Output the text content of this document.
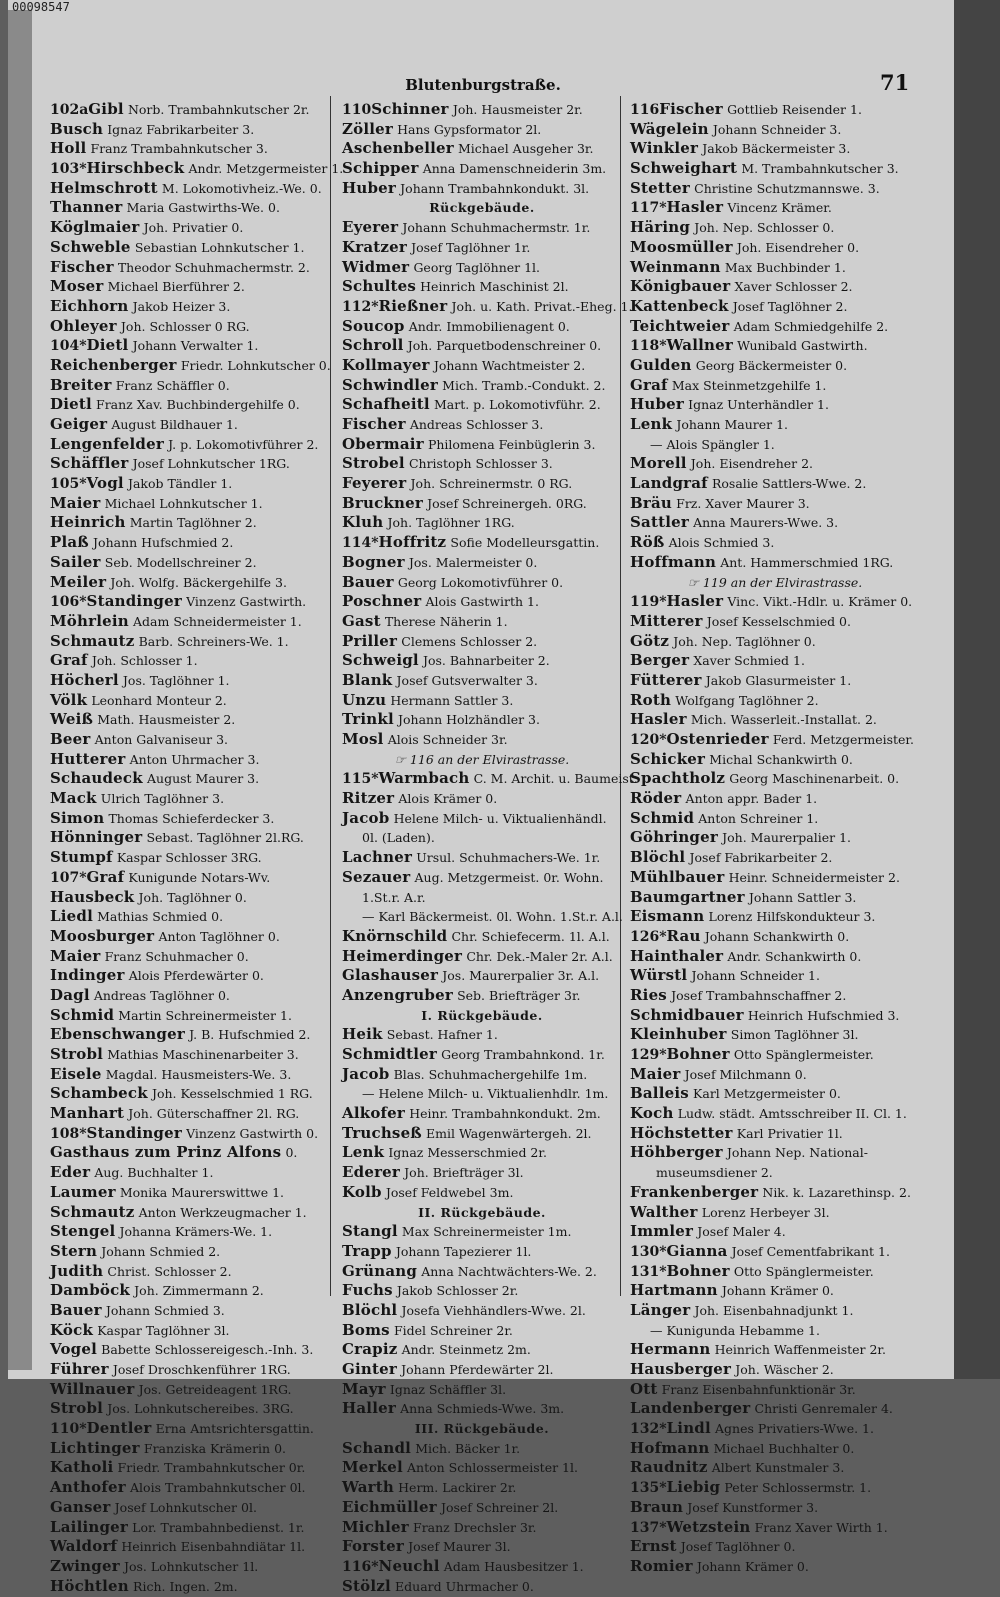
00098547
Blutenburgstraße.	71
102aGibl Norb. Trambahnkutscher 2r.
Busch Ignaz Fabrikarbeiter 3.
Holl Franz Trambahnkutscher 3.
103*Hirschbeck Andr. Metzgermeister 1.
Helmschrott M. Lokomotivheiz.-We. 0.
Thanner Maria Gastwirths-We. 0.
Köglmaier Joh. Privatier 0.
Schweble Sebastian Lohnkutscher 1.
Fischer Theodor Schuhmachermstr. 2.
Moser Michael Bierführer 2.
Eichhorn Jakob Heizer 3.
Ohleyer Joh. Schlosser 0 RG.
104*Dietl Johann Verwalter 1.
Reichenberger Friedr. Lohnkutscher 0.
Breiter Franz Schäffler 0.
Dietl Franz Xav. Buchbindergehilfe 0.
Geiger August Bildhauer 1.
Lengenfelder J. p. Lokomotivführer 2.
Schäffler Josef Lohnkutscher 1RG.
105*Vogl Jakob Tändler 1.
Maier Michael Lohnkutscher 1.
Heinrich Martin Taglöhner 2.
Plaß Johann Hufschmied 2.
Sailer Seb. Modellschreiner 2.
Meiler Joh. Wolfg. Bäckergehilfe 3.
106*Standinger Vinzenz Gastwirth.
Möhrlein Adam Schneidermeister 1.
Schmautz Barb. Schreiners-We. 1.
Graf Joh. Schlosser 1.
Höcherl Jos. Taglöhner 1.
Völk Leonhard Monteur 2.
Weiß Math. Hausmeister 2.
Beer Anton Galvaniseur 3.
Hutterer Anton Uhrmacher 3.
Schaudeck August Maurer 3.
Mack Ulrich Taglöhner 3.
Simon Thomas Schieferdecker 3.
Hönninger Sebast. Taglöhner 2l.RG.
Stumpf Kaspar Schlosser 3RG.
107*Graf Kunigunde Notars-Wv.
Hausbeck Joh. Taglöhner 0.
Liedl Mathias Schmied 0.
Moosburger Anton Taglöhner 0.
Maier Franz Schuhmacher 0.
Indinger Alois Pferdewärter 0.
Dagl Andreas Taglöhner 0.
Schmid Martin Schreinermeister 1.
Ebenschwanger J. B. Hufschmied 2.
Strobl Mathias Maschinenarbeiter 3.
Eisele Magdal. Hausmeisters-We. 3.
Schambeck Joh. Kesselschmied 1 RG.
Manhart Joh. Güterschaffner 2l. RG.
108*Standinger Vinzenz Gastwirth 0.
Gasthaus zum Prinz Alfons 0.
Eder Aug. Buchhalter 1.
Laumer Monika Maurerswittwe 1.
Schmautz Anton Werkzeugmacher 1.
Stengel Johanna Krämers-We. 1.
Stern Johann Schmied 2.
Judith Christ. Schlosser 2.
Damböck Joh. Zimmermann 2.
Bauer Johann Schmied 3.
Köck Kaspar Taglöhner 3l.
Vogel Babette Schlossereigesch.-Inh. 3.
Führer Josef Droschkenführer 1RG.
Willnauer Jos. Getreideagent 1RG.
Strobl Jos. Lohnkutschereibes. 3RG.
110*Dentler Erna Amtsrichtersgattin.
Lichtinger Franziska Krämerin 0.
Katholi Friedr. Trambahnkutscher 0r.
Anthofer Alois Trambahnkutscher 0l.
Ganser Josef Lohnkutscher 0l.
Lailinger Lor. Trambahnbedienst. 1r.
Waldorf Heinrich Eisenbahndiätar 1l.
Zwinger Jos. Lohnkutscher 1l.
Höchtlen Rich. Ingen. 2m.
110Schinner Joh. Hausmeister 2r.
Zöller Hans Gypsformator 2l.
Aschenbeller Michael Ausgeher 3r.
Schipper Anna Damenschneiderin 3m.
Huber Johann Trambahnkondukt. 3l.
Rückgebäude.
Eyerer Johann Schuhmachermstr. 1r.
Kratzer Josef Taglöhner 1r.
Widmer Georg Taglöhner 1l.
Schultes Heinrich Maschinist 2l.
112*Rießner Joh. u. Kath. Privat.-Eheg. 1.
Soucop Andr. Immobilienagent 0.
Schroll Joh. Parquetbodenschreiner 0.
Kollmayer Johann Wachtmeister 2.
Schwindler Mich. Tramb.-Condukt. 2.
Schafheitl Mart. p. Lokomotivführ. 2.
Fischer Andreas Schlosser 3.
Obermair Philomena Feinbüglerin 3.
Strobel Christoph Schlosser 3.
Feyerer Joh. Schreinermstr. 0 RG.
Bruckner Josef Schreinergeh. 0RG.
Kluh Joh. Taglöhner 1RG.
114*Hoffritz Sofie Modelleursgattin.
Bogner Jos. Malermeister 0.
Bauer Georg Lokomotivführer 0.
Poschner Alois Gastwirth 1.
Gast Therese Näherin 1.
Priller Clemens Schlosser 2.
Schweigl Jos. Bahnarbeiter 2.
Blank Josef Gutsverwalter 3.
Unzu Hermann Sattler 3.
Trinkl Johann Holzhändler 3.
Mosl Alois Schneider 3r.
☞ 116 an der Elvirastrasse.
115*Warmbach C. M. Archit. u. Baumeist.
Ritzer Alois Krämer 0.
Jacob Helene Milch- u. Viktualienhändl.
0l. (Laden).
Lachner Ursul. Schuhmachers-We. 1r.
Sezauer Aug. Metzgermeist. 0r. Wohn.
1.St.r. A.r.
— Karl Bäckermeist. 0l. Wohn. 1.St.r. A.l.
Knörnschild Chr. Schiefecerm. 1l. A.l.
Heimerdinger Chr. Dek.-Maler 2r. A.l.
Glashauser Jos. Maurerpalier 3r. A.l.
Anzengruber Seb. Briefträger 3r.
I. Rückgebäude.
Heik Sebast. Hafner 1.
Schmidtler Georg Trambahnkond. 1r.
Jacob Blas. Schuhmachergehilfe 1m.
— Helene Milch- u. Viktualienhdlr. 1m.
Alkofer Heinr. Trambahnkondukt. 2m.
Truchseß Emil Wagenwärtergeh. 2l.
Lenk Ignaz Messerschmied 2r.
Ederer Joh. Briefträger 3l.
Kolb Josef Feldwebel 3m.
II. Rückgebäude.
Stangl Max Schreinermeister 1m.
Trapp Johann Tapezierer 1l.
Grünang Anna Nachtwächters-We. 2.
Fuchs Jakob Schlosser 2r.
Blöchl Josefa Viehhändlers-Wwe. 2l.
Boms Fidel Schreiner 2r.
Crapiz Andr. Steinmetz 2m.
Ginter Johann Pferdewärter 2l.
Mayr Ignaz Schäffler 3l.
Haller Anna Schmieds-Wwe. 3m.
III. Rückgebäude.
Schandl Mich. Bäcker 1r.
Merkel Anton Schlossermeister 1l.
Warth Herm. Lackirer 2r.
Eichmüller Josef Schreiner 2l.
Michler Franz Drechsler 3r.
Forster Josef Maurer 3l.
116*Neuchl Adam Hausbesitzer 1.
Stölzl Eduard Uhrmacher 0.
116Fischer Gottlieb Reisender 1.
Wägelein Johann Schneider 3.
Winkler Jakob Bäckermeister 3.
Schweighart M. Trambahnkutscher 3.
Stetter Christine Schutzmannswe. 3.
117*Hasler Vincenz Krämer.
Häring Joh. Nep. Schlosser 0.
Moosmüller Joh. Eisendreher 0.
Weinmann Max Buchbinder 1.
Königbauer Xaver Schlosser 2.
Kattenbeck Josef Taglöhner 2.
Teichtweier Adam Schmiedgehilfe 2.
118*Wallner Wunibald Gastwirth.
Gulden Georg Bäckermeister 0.
Graf Max Steinmetzgehilfe 1.
Huber Ignaz Unterhändler 1.
Lenk Johann Maurer 1.
— Alois Spängler 1.
Morell Joh. Eisendreher 2.
Landgraf Rosalie Sattlers-Wwe. 2.
Bräu Frz. Xaver Maurer 3.
Sattler Anna Maurers-Wwe. 3.
Röß Alois Schmied 3.
Hoffmann Ant. Hammerschmied 1RG.
☞ 119 an der Elvirastrasse.
119*Hasler Vinc. Vikt.-Hdlr. u. Krämer 0.
Mitterer Josef Kesselschmied 0.
Götz Joh. Nep. Taglöhner 0.
Berger Xaver Schmied 1.
Fütterer Jakob Glasurmeister 1.
Roth Wolfgang Taglöhner 2.
Hasler Mich. Wasserleit.-Installat. 2.
120*Ostenrieder Ferd. Metzgermeister.
Schicker Michal Schankwirth 0.
Spachtholz Georg Maschinenarbeit. 0.
Röder Anton appr. Bader 1.
Schmid Anton Schreiner 1.
Göhringer Joh. Maurerpalier 1.
Blöchl Josef Fabrikarbeiter 2.
Mühlbauer Heinr. Schneidermeister 2.
Baumgartner Johann Sattler 3.
Eismann Lorenz Hilfskondukteur 3.
126*Rau Johann Schankwirth 0.
Hainthaler Andr. Schankwirth 0.
Würstl Johann Schneider 1.
Ries Josef Trambahnschaffner 2.
Schmidbauer Heinrich Hufschmied 3.
Kleinhuber Simon Taglöhner 3l.
129*Bohner Otto Spänglermeister.
Maier Josef Milchmann 0.
Balleis Karl Metzgermeister 0.
Koch Ludw. städt. Amtsschreiber II. Cl. 1.
Höchstetter Karl Privatier 1l.
Höhberger Johann Nep. National-
museumsdiener 2.
Frankenberger Nik. k. Lazarethinsp. 2.
Walther Lorenz Herbeyer 3l.
Immler Josef Maler 4.
130*Gianna Josef Cementfabrikant 1.
131*Bohner Otto Spänglermeister.
Hartmann Johann Krämer 0.
Länger Joh. Eisenbahnadjunkt 1.
— Kunigunda Hebamme 1.
Hermann Heinrich Waffenmeister 2r.
Hausberger Joh. Wäscher 2.
Ott Franz Eisenbahnfunktionär 3r.
Landenberger Christi Genremaler 4.
132*Lindl Agnes Privatiers-Wwe. 1.
Hofmann Michael Buchhalter 0.
Raudnitz Albert Kunstmaler 3.
135*Liebig Peter Schlossermstr. 1.
Braun Josef Kunstformer 3.
137*Wetzstein Franz Xaver Wirth 1.
Ernst Josef Taglöhner 0.
Romier Johann Krämer 0.
